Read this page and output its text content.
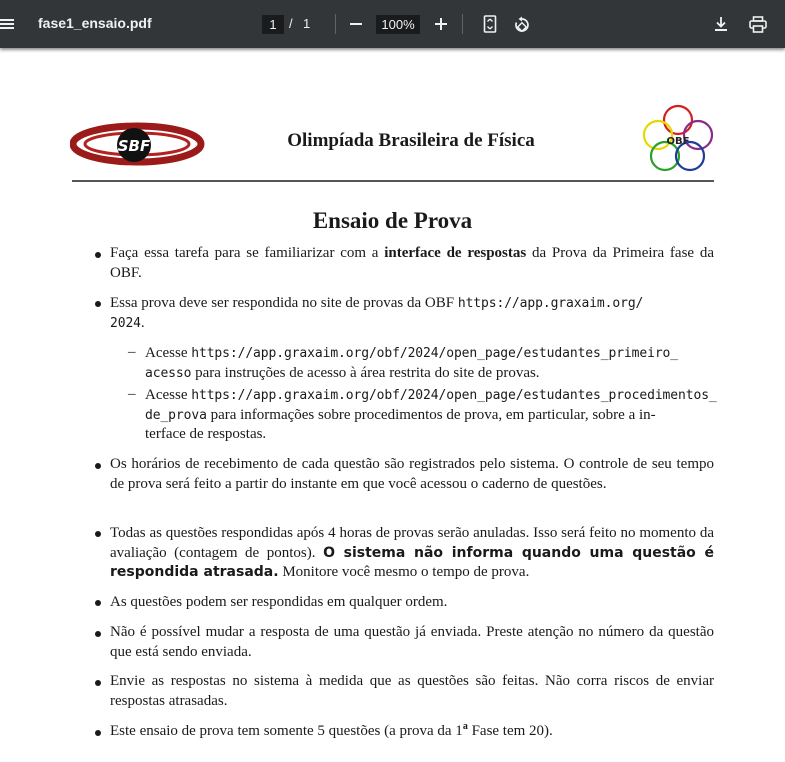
fase1_ensaio.pdf	1 / 1	100%
SBF	Olimpíada Brasileira de Física	OBF
Ensaio de Prova
Faça essa tarefa para se familiarizar com a interface de respostas da Prova da Primeira fase da OBF.
Essa prova deve ser respondida no site de provas da OBF https://app.graxaim.org/
2024.
– Acesse https://app.graxaim.org/obf/2024/open_page/estudantes_primeiro_
acesso para instruções de acesso à área restrita do site de provas.
– Acesse https://app.graxaim.org/obf/2024/open_page/estudantes_procedimentos_
de_prova para informações sobre procedimentos de prova, em particular, sobre a in-
terface de respostas.
Os horários de recebimento de cada questão são registrados pelo sistema. O controle de seu tempo de prova será feito a partir do instante em que você acessou o caderno de questões.
Todas as questões respondidas após 4 horas de provas serão anuladas. Isso será feito no momento da avaliação (contagem de pontos). O sistema não informa quando uma questão é respondida atrasada. Monitore você mesmo o tempo de prova.
As questões podem ser respondidas em qualquer ordem.
Não é possível mudar a resposta de uma questão já enviada. Preste atenção no número da questão que está sendo enviada.
Envie as respostas no sistema à medida que as questões são feitas. Não corra riscos de enviar respostas atrasadas.
Este ensaio de prova tem somente 5 questões (a prova da 1$^a$ Fase tem 20).
